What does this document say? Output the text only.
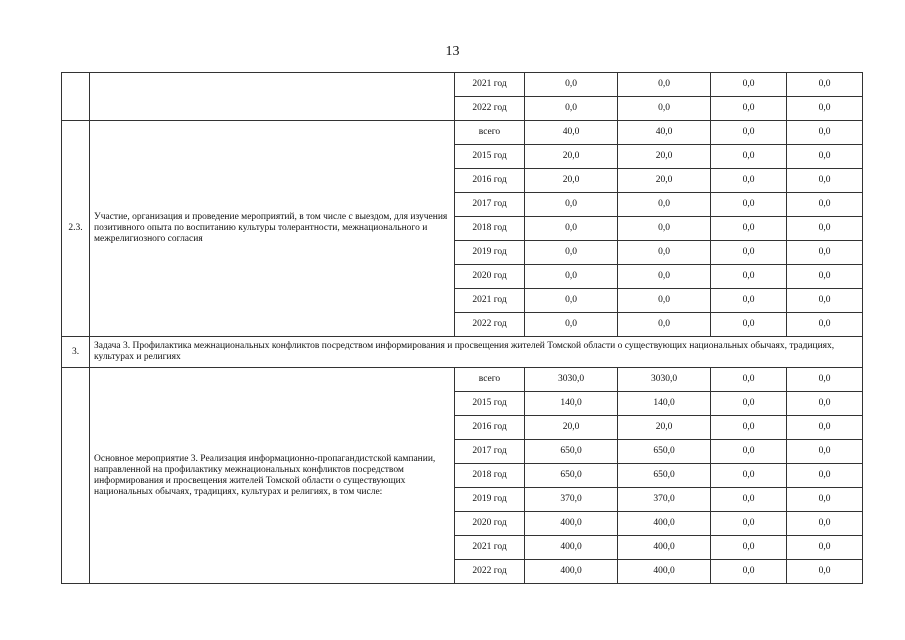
13
		2021 год	0,0	0,0	0,0	0,0
		2022 год	0,0	0,0	0,0	0,0
2.3.	Участие, организация и проведение мероприятий, в том числе с выездом, для изучения позитивного опыта по воспитанию культуры толерантности, межнационального и межрелигиозного согласия	всего	40,0	40,0	0,0	0,0
		2015 год	20,0	20,0	0,0	0,0
		2016 год	20,0	20,0	0,0	0,0
		2017 год	0,0	0,0	0,0	0,0
		2018 год	0,0	0,0	0,0	0,0
		2019 год	0,0	0,0	0,0	0,0
		2020 год	0,0	0,0	0,0	0,0
		2021 год	0,0	0,0	0,0	0,0
		2022 год	0,0	0,0	0,0	0,0
3.	Задача 3. Профилактика межнациональных конфликтов посредством информирования и просвещения жителей Томской области о существующих национальных обычаях, традициях, культурах и религиях					
	Основное мероприятие 3. Реализация информационно-пропагандистской кампании, направленной на профилактику межнациональных конфликтов посредством информирования и просвещения жителей Томской области о существующих национальных обычаях, традициях, культурах и религиях, в том числе:	всего	3030,0	3030,0	0,0	0,0
		2015 год	140,0	140,0	0,0	0,0
		2016 год	20,0	20,0	0,0	0,0
		2017 год	650,0	650,0	0,0	0,0
		2018 год	650,0	650,0	0,0	0,0
		2019 год	370,0	370,0	0,0	0,0
		2020 год	400,0	400,0	0,0	0,0
		2021 год	400,0	400,0	0,0	0,0
		2022 год	400,0	400,0	0,0	0,0
